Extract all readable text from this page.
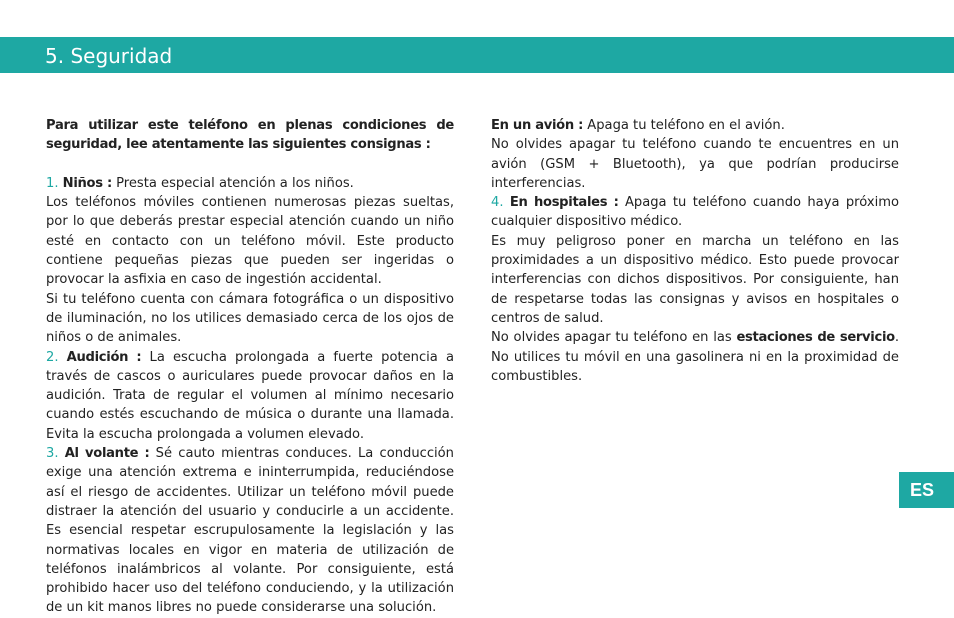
5. Seguridad

Para utilizar este teléfono en plenas condiciones de seguridad, lee atentamente las siguientes consignas :

1. Niños : Presta especial atención a los niños.

Los teléfonos móviles contienen numerosas piezas sueltas, por lo que deberás prestar especial atención cuando un niño esté en contacto con un teléfono móvil. Este producto contiene pequeñas piezas que pueden ser ingeridas o provocar la asfixia en caso de ingestión accidental.

Si tu teléfono cuenta con cámara fotográfica o un dispositivo de iluminación, no los utilices demasiado cerca de los ojos de niños o de animales.

2. Audición : La escucha prolongada a fuerte potencia a través de cascos o auriculares puede provocar daños en la audición. Trata de regular el volumen al mínimo necesario cuando estés escuchando de música o durante una llamada. Evita la escucha prolongada a volumen elevado.

3. Al volante : Sé cauto mientras conduces. La conducción exige una atención extrema e ininterrumpida, reduciéndose así el riesgo de accidentes. Utilizar un teléfono móvil puede distraer la atención del usuario y conducirle a un accidente. Es esencial respetar escrupulosamente la legislación y las normativas locales en vigor en materia de utilización de teléfonos inalámbricos al volante. Por consiguiente, está prohibido hacer uso del teléfono conduciendo, y la utilización de un kit manos libres no puede considerarse una solución.

En un avión : Apaga tu teléfono en el avión.

No olvides apagar tu teléfono cuando te encuentres en un avión (GSM + Bluetooth), ya que podrían producirse interferencias.

4. En hospitales : Apaga tu teléfono cuando haya próximo cualquier dispositivo médico.

Es muy peligroso poner en marcha un teléfono en las proximidades a un dispositivo médico. Esto puede provocar interferencias con dichos dispositivos. Por consiguiente, han de respetarse todas las consignas y avisos en hospitales o centros de salud.

No olvides apagar tu teléfono en las estaciones de servicio. No utilices tu móvil en una gasolinera ni en la proximidad de combustibles.

ES
